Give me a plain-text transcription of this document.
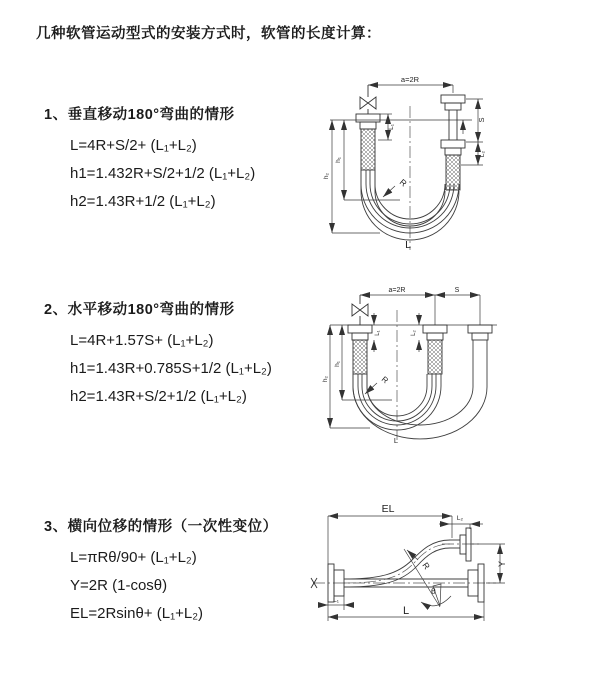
几种软管运动型式的安装方式时，软管的长度计算：
1、垂直移动180°弯曲的情形

L=4R+S/2+ (L₁+L₂)

h1=1.432R+S/2+1/2 (L₁+L₂)

h2=1.43R+1/2 (L₁+L₂)

2、水平移动180°弯曲的情形

L=4R+1.57S+ (L₁+L₂)

h1=1.43R+0.785S+1/2 (L₁+L₂)

h2=1.43R+S/2+1/2 (L₁+L₂)

3、横向位移的情形（一次性变位）

L=πRθ/90+ (L₁+L₂)

Y=2R (1-cosθ)

EL=2Rsinθ+ (L₁+L₂)

a=2R
L₁
S
L₂
h₁
h₂
R
L
a=2R	S
L₁	L₂
h₁
h₂	R
L
EL
L₂
Y
R
θ
L₁
L
